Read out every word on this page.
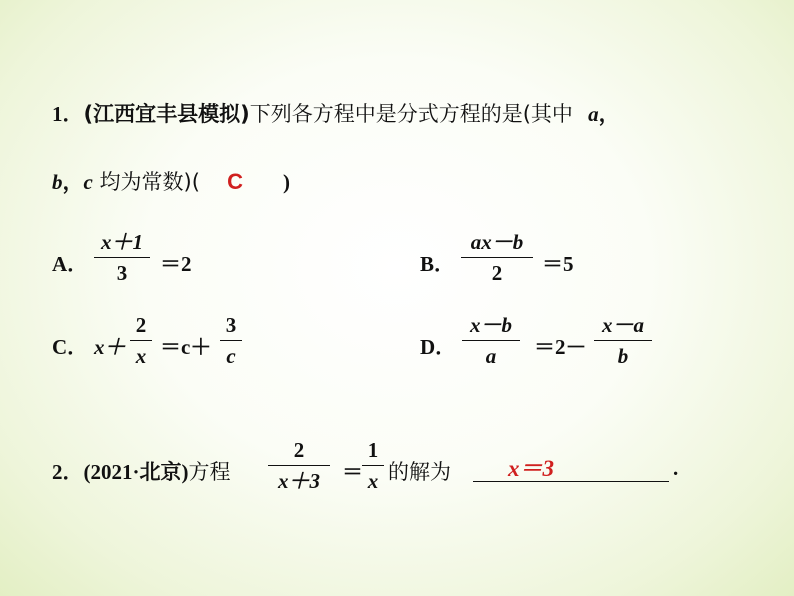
1．(江西宜丰县模拟)下列各方程中是分式方程的是(其中 a，
b，c 均为常数)( C )
A．
x＋1
3	＝2	B．
ax－b
2	＝5
C． x＋
2
x ＝c＋
3
c	D．
x－b
a	＝2－
x－a
b
2．(2021·北京)方程
2
x＋3	＝
1
x 的解为 x＝3	.
